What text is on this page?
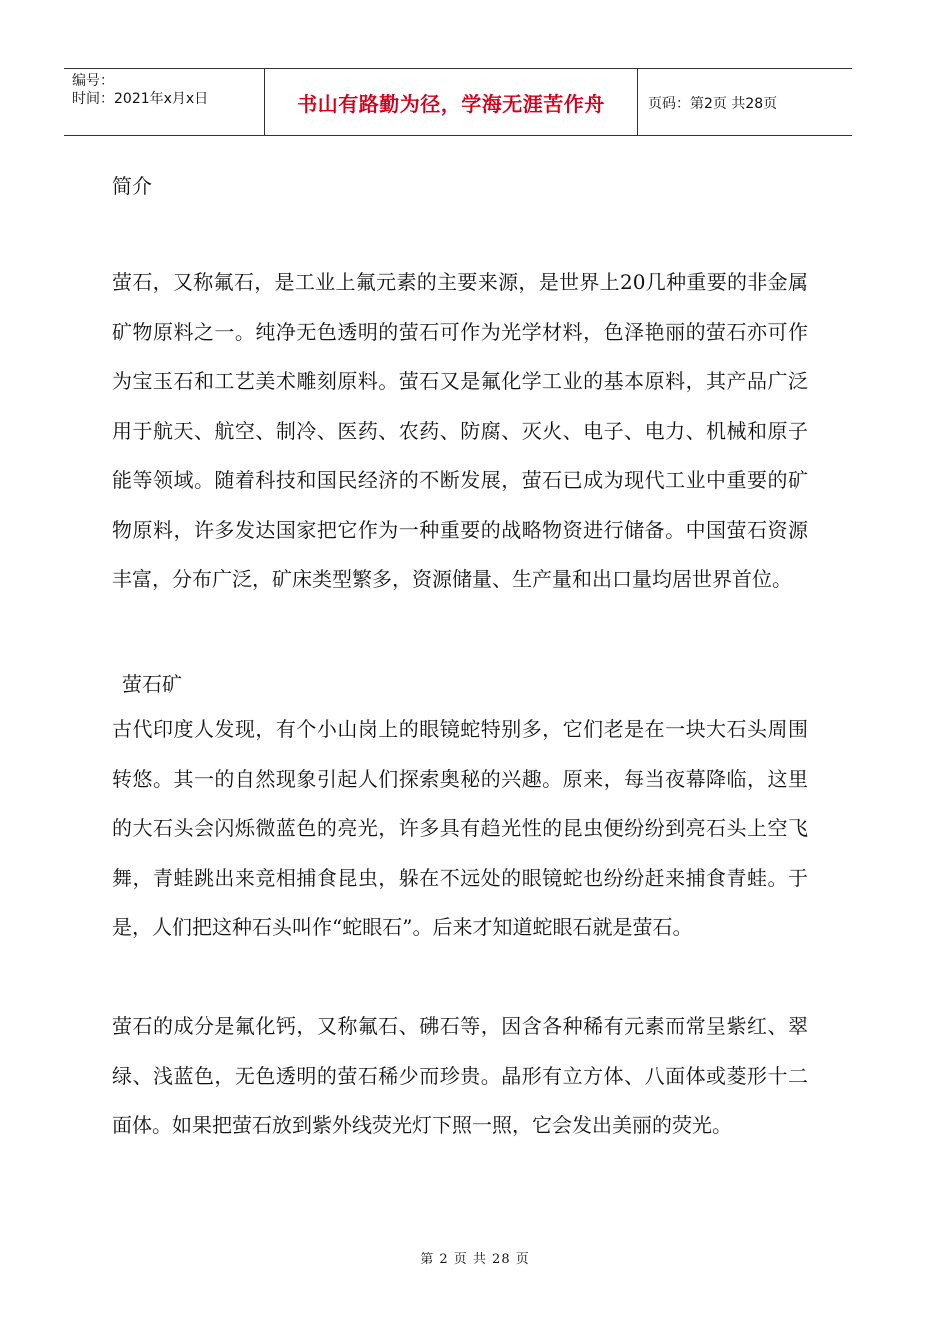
编号：
时间：2021年x月x日	书山有路勤为径，学海无涯苦作舟	页码：第2页 共28页
简介

萤石，又称氟石，是工业上氟元素的主要来源，是世界上20几种重要的非金属矿物原料之一。纯净无色透明的萤石可作为光学材料，色泽艳丽的萤石亦可作为宝玉石和工艺美术雕刻原料。萤石又是氟化学工业的基本原料，其产品广泛用于航天、航空、制冷、医药、农药、防腐、灭火、电子、电力、机械和原子能等领域。随着科技和国民经济的不断发展，萤石已成为现代工业中重要的矿物原料，许多发达国家把它作为一种重要的战略物资进行储备。中国萤石资源丰富，分布广泛，矿床类型繁多，资源储量、生产量和出口量均居世界首位。

萤石矿

古代印度人发现，有个小山岗上的眼镜蛇特别多，它们老是在一块大石头周围转悠。其一的自然现象引起人们探索奥秘的兴趣。原来，每当夜幕降临，这里的大石头会闪烁微蓝色的亮光，许多具有趋光性的昆虫便纷纷到亮石头上空飞舞，青蛙跳出来竞相捕食昆虫，躲在不远处的眼镜蛇也纷纷赶来捕食青蛙。于是，人们把这种石头叫作“蛇眼石”。后来才知道蛇眼石就是萤石。

萤石的成分是氟化钙，又称氟石、砩石等，因含各种稀有元素而常呈紫红、翠绿、浅蓝色，无色透明的萤石稀少而珍贵。晶形有立方体、八面体或菱形十二面体。如果把萤石放到紫外线荧光灯下照一照，它会发出美丽的荧光。

第 2 页 共 28 页
